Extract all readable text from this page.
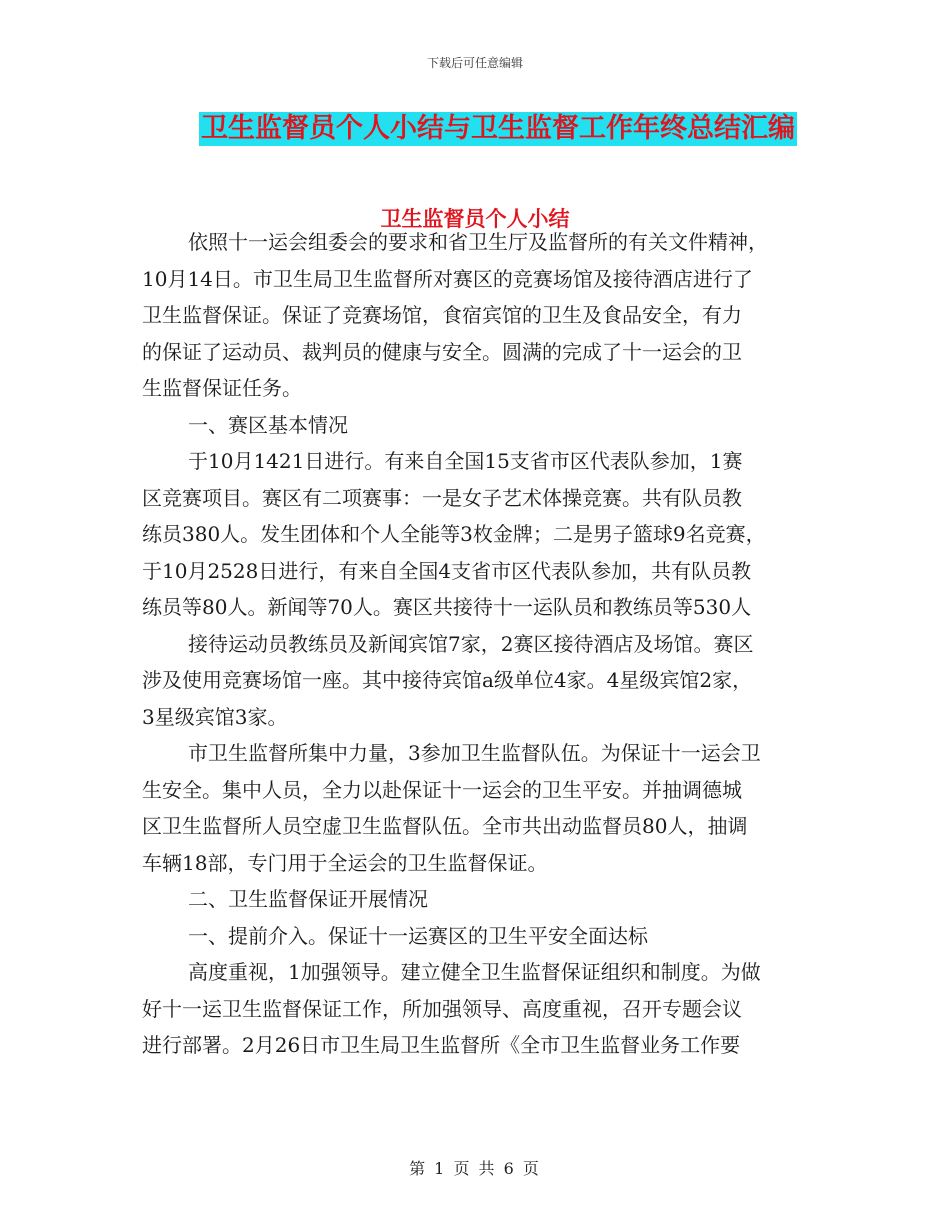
下载后可任意编辑
卫生监督员个人小结与卫生监督工作年终总结汇编
卫生监督员个人小结
依照十一运会组委会的要求和省卫生厅及监督所的有关文件精神，
10月14日。市卫生局卫生监督所对赛区的竞赛场馆及接待酒店进行了
卫生监督保证。保证了竞赛场馆，食宿宾馆的卫生及食品安全，有力
的保证了运动员、裁判员的健康与安全。圆满的完成了十一运会的卫
生监督保证任务。
一、赛区基本情况
于10月1421日进行。有来自全国15支省市区代表队参加，1赛
区竞赛项目。赛区有二项赛事：一是女子艺术体操竞赛。共有队员教
练员380人。发生团体和个人全能等3枚金牌；二是男子篮球9名竞赛，
于10月2528日进行，有来自全国4支省市区代表队参加，共有队员教
练员等80人。新闻等70人。赛区共接待十一运队员和教练员等530人
接待运动员教练员及新闻宾馆7家，2赛区接待酒店及场馆。赛区
涉及使用竞赛场馆一座。其中接待宾馆a级单位4家。4星级宾馆2家，
3星级宾馆3家。
市卫生监督所集中力量，3参加卫生监督队伍。为保证十一运会卫
生安全。集中人员，全力以赴保证十一运会的卫生平安。并抽调德城
区卫生监督所人员空虚卫生监督队伍。全市共出动监督员80人，抽调
车辆18部，专门用于全运会的卫生监督保证。
二、卫生监督保证开展情况
一、提前介入。保证十一运赛区的卫生平安全面达标
高度重视，1加强领导。建立健全卫生监督保证组织和制度。为做
好十一运卫生监督保证工作，所加强领导、高度重视，召开专题会议
进行部署。2月26日市卫生局卫生监督所《全市卫生监督业务工作要
第 1 页 共 6 页
